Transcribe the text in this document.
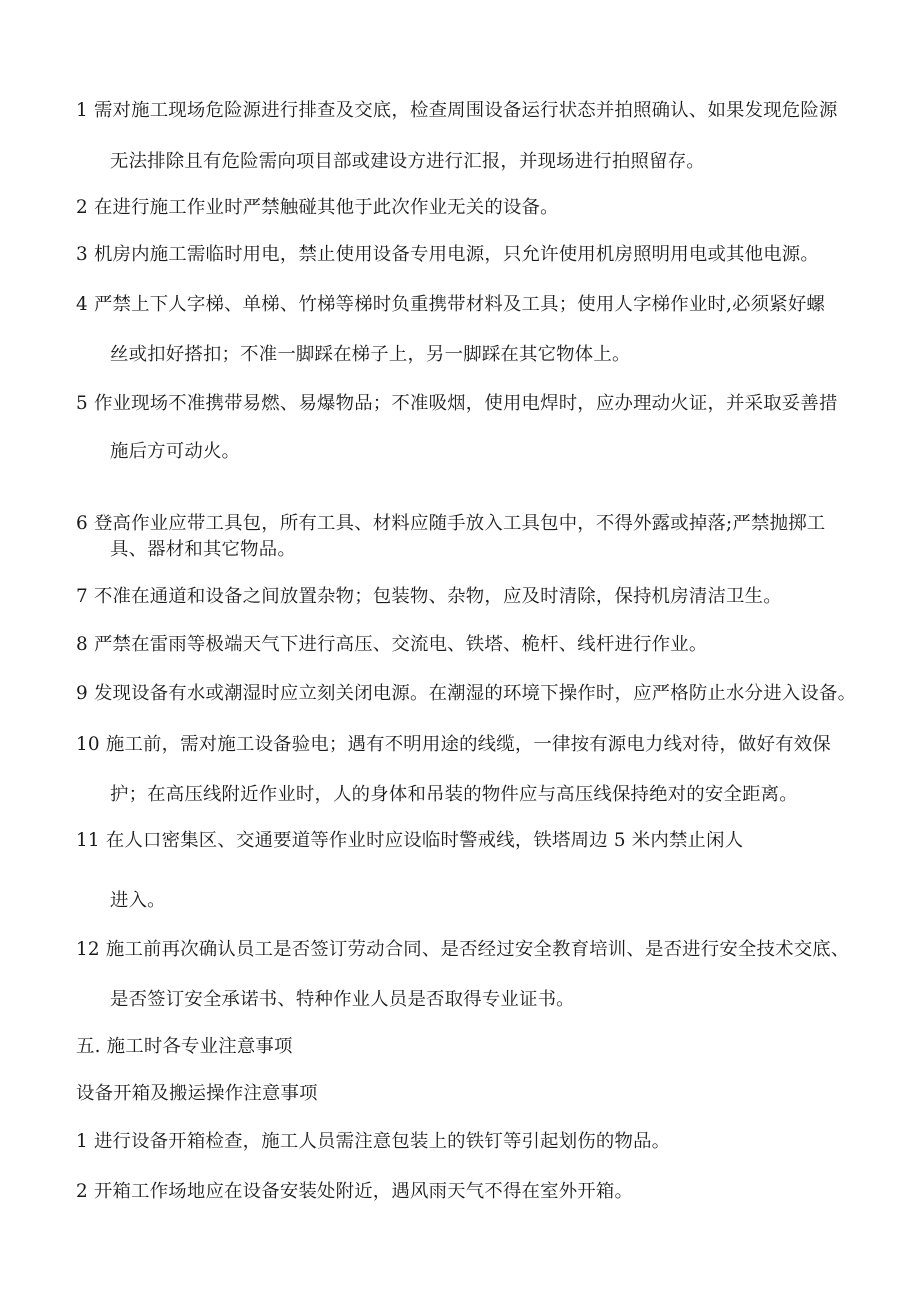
1 需对施工现场危险源进行排查及交底，检查周围设备运行状态并拍照确认、如果发现危险源
无法排除且有危险需向项目部或建设方进行汇报，并现场进行拍照留存。
2 在进行施工作业时严禁触碰其他于此次作业无关的设备。
3 机房内施工需临时用电，禁止使用设备专用电源，只允许使用机房照明用电或其他电源。
4 严禁上下人字梯、单梯、竹梯等梯时负重携带材料及工具；使用人字梯作业时,必须紧好螺
丝或扣好搭扣；不准一脚踩在梯子上，另一脚踩在其它物体上。
5 作业现场不准携带易燃、易爆物品；不准吸烟，使用电焊时，应办理动火证，并采取妥善措
施后方可动火。
6 登高作业应带工具包，所有工具、材料应随手放入工具包中，不得外露或掉落;严禁抛掷工
具、器材和其它物品。
7 不准在通道和设备之间放置杂物；包装物、杂物，应及时清除，保持机房清洁卫生。
8 严禁在雷雨等极端天气下进行高压、交流电、铁塔、桅杆、线杆进行作业。
9 发现设备有水或潮湿时应立刻关闭电源。在潮湿的环境下操作时，应严格防止水分进入设备。
10 施工前，需对施工设备验电；遇有不明用途的线缆，一律按有源电力线对待，做好有效保
护；在高压线附近作业时，人的身体和吊装的物件应与高压线保持绝对的安全距离。
11 在人口密集区、交通要道等作业时应设临时警戒线，铁塔周边 5 米内禁止闲人
进入。
12 施工前再次确认员工是否签订劳动合同、是否经过安全教育培训、是否进行安全技术交底、
是否签订安全承诺书、特种作业人员是否取得专业证书。
五. 施工时各专业注意事项
设备开箱及搬运操作注意事项
1 进行设备开箱检查，施工人员需注意包装上的铁钉等引起划伤的物品。
2 开箱工作场地应在设备安装处附近，遇风雨天气不得在室外开箱。
